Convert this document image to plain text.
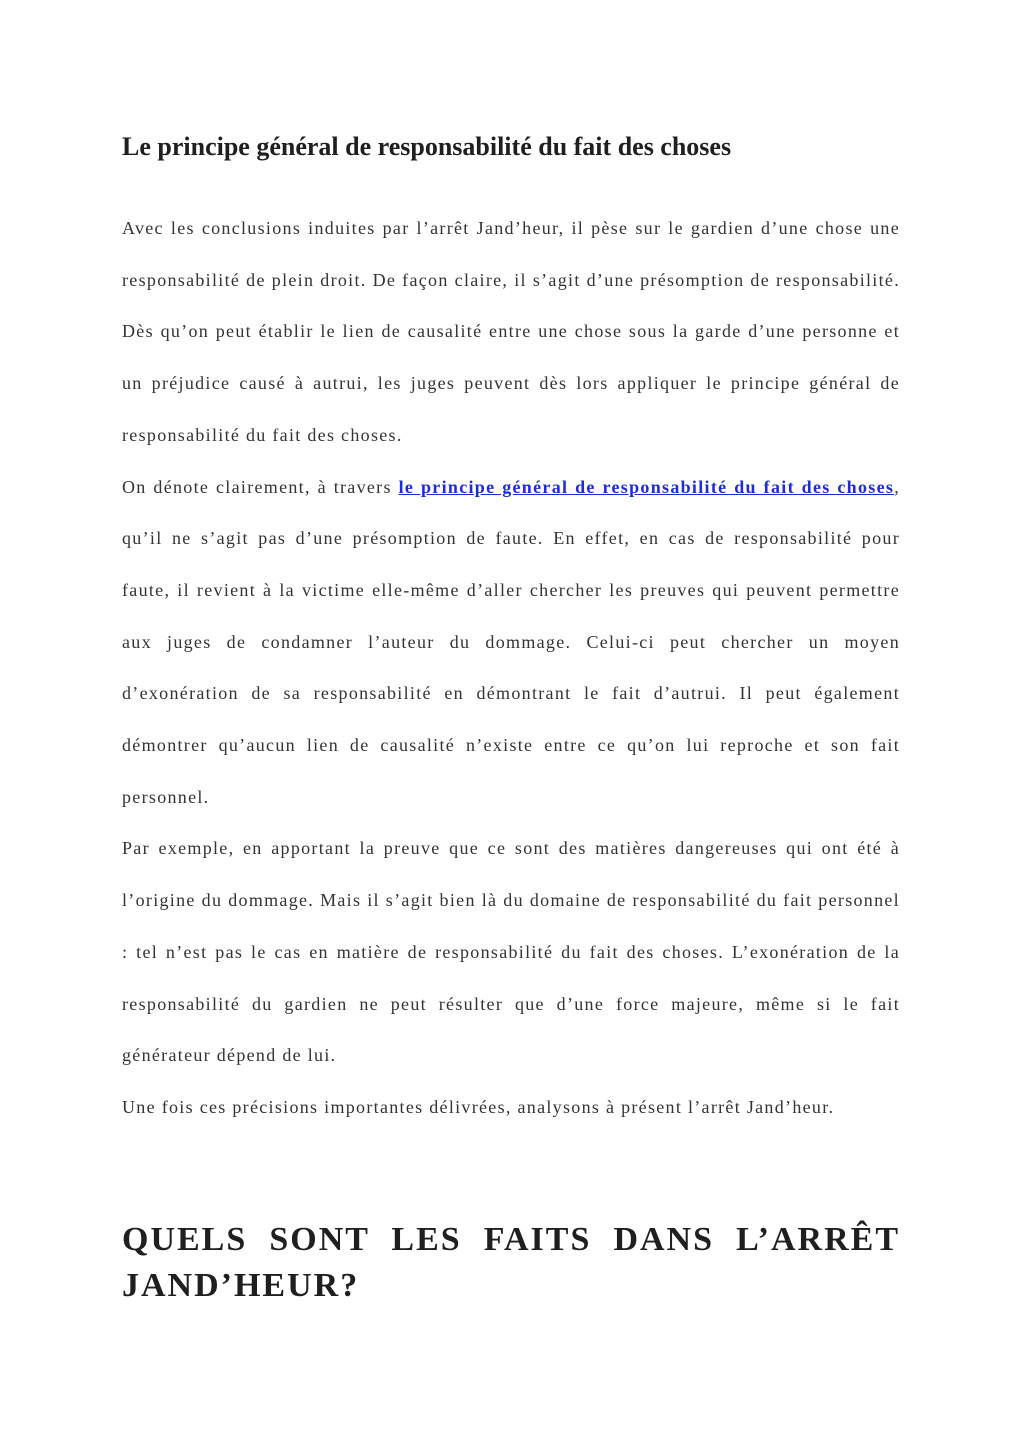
Le principe général de responsabilité du fait des choses

Avec les conclusions induites par l’arrêt Jand’heur, il pèse sur le gardien d’une chose une responsabilité de plein droit. De façon claire, il s’agit d’une présomption de responsabilité. Dès qu’on peut établir le lien de causalité entre une chose sous la garde d’une personne et un préjudice causé à autrui, les juges peuvent dès lors appliquer le principe général de responsabilité du fait des choses.

On dénote clairement, à travers le principe général de responsabilité du fait des choses, qu’il ne s’agit pas d’une présomption de faute. En effet, en cas de responsabilité pour faute, il revient à la victime elle-même d’aller chercher les preuves qui peuvent permettre aux juges de condamner l’auteur du dommage. Celui-ci peut chercher un moyen d’exonération de sa responsabilité en démontrant le fait d’autrui. Il peut également démontrer qu’aucun lien de causalité n’existe entre ce qu’on lui reproche et son fait personnel.

Par exemple, en apportant la preuve que ce sont des matières dangereuses qui ont été à l’origine du dommage. Mais il s’agit bien là du domaine de responsabilité du fait personnel : tel n’est pas le cas en matière de responsabilité du fait des choses. L’exonération de la responsabilité du gardien ne peut résulter que d’une force majeure, même si le fait générateur dépend de lui.

Une fois ces précisions importantes délivrées, analysons à présent l’arrêt Jand’heur.

QUELS SONT LES FAITS DANS L’ARRÊT JAND’HEUR?
